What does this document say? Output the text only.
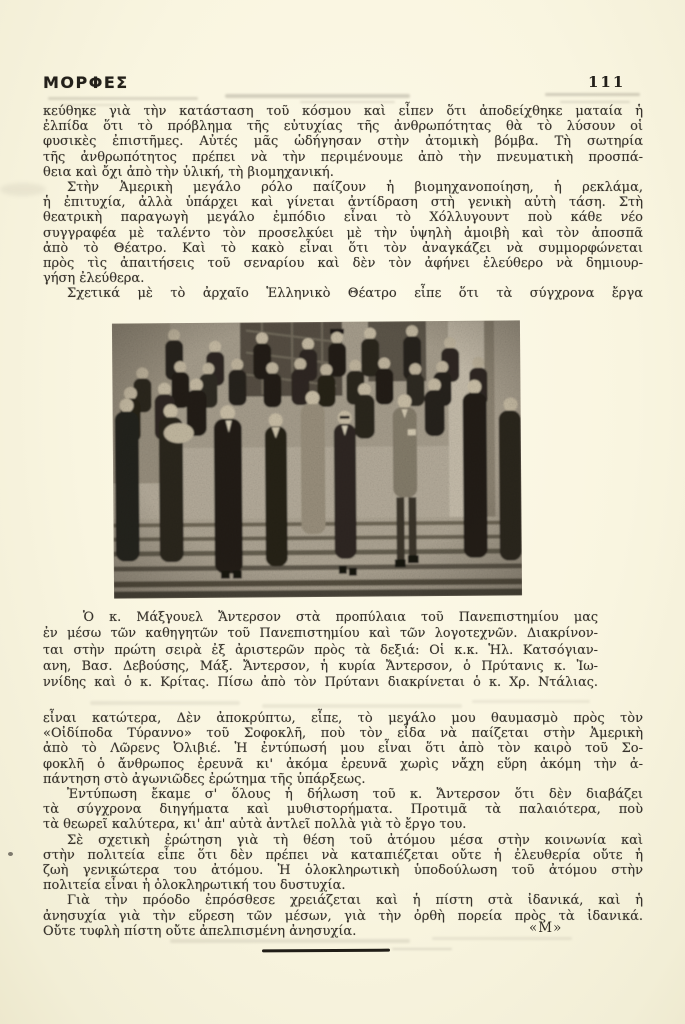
ΜΟΡΦΕΣ	111
κεύθηκε γιὰ τὴν κατάσταση τοῦ κόσμου καὶ εἶπεν ὅτι ἀποδείχθηκε ματαία ἡ
ἐλπίδα ὅτι τὸ πρόβλημα τῆς εὐτυχίας τῆς ἀνθρωπότητας θὰ τὸ λύσουν οἱ
φυσικὲς ἐπιστῆμες. Αὐτές μᾶς ὡδήγησαν στὴν ἀτομικὴ βόμβα. Τὴ σωτηρία
τῆς ἀνθρωπότητος πρέπει νὰ τὴν περιμένουμε ἀπὸ τὴν πνευματικὴ προσπά-
θεια καὶ ὄχι ἀπὸ τὴν ὑλική, τὴ βιομηχανική.
Στὴν Ἀμερικὴ μεγάλο ρόλο παίζουν ἡ βιομηχανοποίηση, ἡ ρεκλάμα,
ἡ ἐπιτυχία, ἀλλὰ ὑπάρχει καὶ γίνεται ἀντίδραση στὴ γενικὴ αὐτὴ τάση. Στὴ
θεατρικὴ παραγωγὴ μεγάλο ἐμπόδιο εἶναι τὸ Χόλλυγουντ ποὺ κάθε νέο
συγγραφέα μὲ ταλέντο τὸν προσελκύει μὲ τὴν ὑψηλὴ ἀμοιβὴ καὶ τὸν ἀποσπᾶ
ἀπὸ τὸ Θέατρο. Καὶ τὸ κακὸ εἶναι ὅτι τὸν ἀναγκάζει νὰ συμμορφώνεται
πρὸς τὶς ἀπαιτήσεις τοῦ σεναρίου καὶ δὲν τὸν ἀφήνει ἐλεύθερο νὰ δημιουρ-
γήση ἐλεύθερα.
Σχετικά μὲ τὸ ἀρχαῖο Ἑλληνικὸ Θέατρο εἶπε ὅτι τὰ σύγχρονα ἔργα
Ὁ κ. Μάξγουελ Ἄντερσον στὰ προπύλαια τοῦ Πανεπιστημίου μας
ἐν μέσω τῶν καθηγητῶν τοῦ Πανεπιστημίου καὶ τῶν λογοτεχνῶν. Διακρίνον-
ται στὴν πρώτη σειρὰ ἐξ ἀριστερῶν πρὸς τὰ δεξιά: Οἱ κ.κ. Ἡλ. Κατσόγιαν-
ανη, Βασ. Δεβούσης, Μάξ. Ἄντερσον, ἡ κυρία Ἄντερσον, ὁ Πρύτανις κ. Ἰω-
ννίδης καὶ ὁ κ. Κρίτας. Πίσω ἀπὸ τὸν Πρύτανι διακρίνεται ὁ κ. Χρ. Ντάλιας.
εἶναι κατώτερα, Δὲν ἀποκρύπτω, εἶπε, τὸ μεγάλο μου θαυμασμὸ πρὸς τὸν
«Οἰδίποδα Τύραννο» τοῦ Σοφοκλῆ, ποὺ τὸν εἶδα νὰ παίζεται στὴν Ἀμερικὴ
ἀπὸ τὸ Λῶρενς Ὀλιβιέ. Ἡ ἐντύπωσή μου εἶναι ὅτι ἀπὸ τὸν καιρὸ τοῦ Σο-
φοκλῆ ὁ ἄνθρωπος ἐρευνᾶ κι' ἀκόμα ἐρευνᾶ χωρὶς νἄχη εὕρη ἀκόμη τὴν ἀ-
πάντηση στὸ ἀγωνιῶδες ἐρώτημα τῆς ὑπάρξεως.
Ἐντύπωση ἔκαμε σ' ὅλους ἡ δήλωση τοῦ κ. Ἄντερσον ὅτι δὲν διαβάζει
τὰ σύγχρονα διηγήματα καὶ μυθιστορήματα. Προτιμᾶ τὰ παλαιότερα, ποὺ
τὰ θεωρεῖ καλύτερα, κι' ἀπ' αὐτὰ ἀντλεῖ πολλὰ γιὰ τὸ ἔργο του.
Σὲ σχετικὴ ἐρώτηση γιὰ τὴ θέση τοῦ ἀτόμου μέσα στὴν κοινωνία καὶ
στὴν πολιτεία εἶπε ὅτι δὲν πρέπει νὰ καταπιέζεται οὔτε ἡ ἐλευθερία οὔτε ἡ
ζωὴ γενικώτερα του ἀτόμου. Ἡ ὁλοκληρωτικὴ ὑποδούλωση τοῦ ἀτόμου στὴν
πολιτεία εἶναι ἡ ὁλοκληρωτική του δυστυχία.
Γιὰ τὴν πρόοδο ἐπρόσθεσε χρειάζεται καὶ ἡ πίστη στὰ ἰδανικά, καὶ ἡ
ἀνησυχία γιὰ τὴν εὕρεση τῶν μέσων, γιὰ τὴν ὀρθὴ πορεία πρὸς τὰ ἰδανικά.
Οὔτε τυφλὴ πίστη οὔτε ἀπελπισμένη ἀνησυχία.	«Μ»
